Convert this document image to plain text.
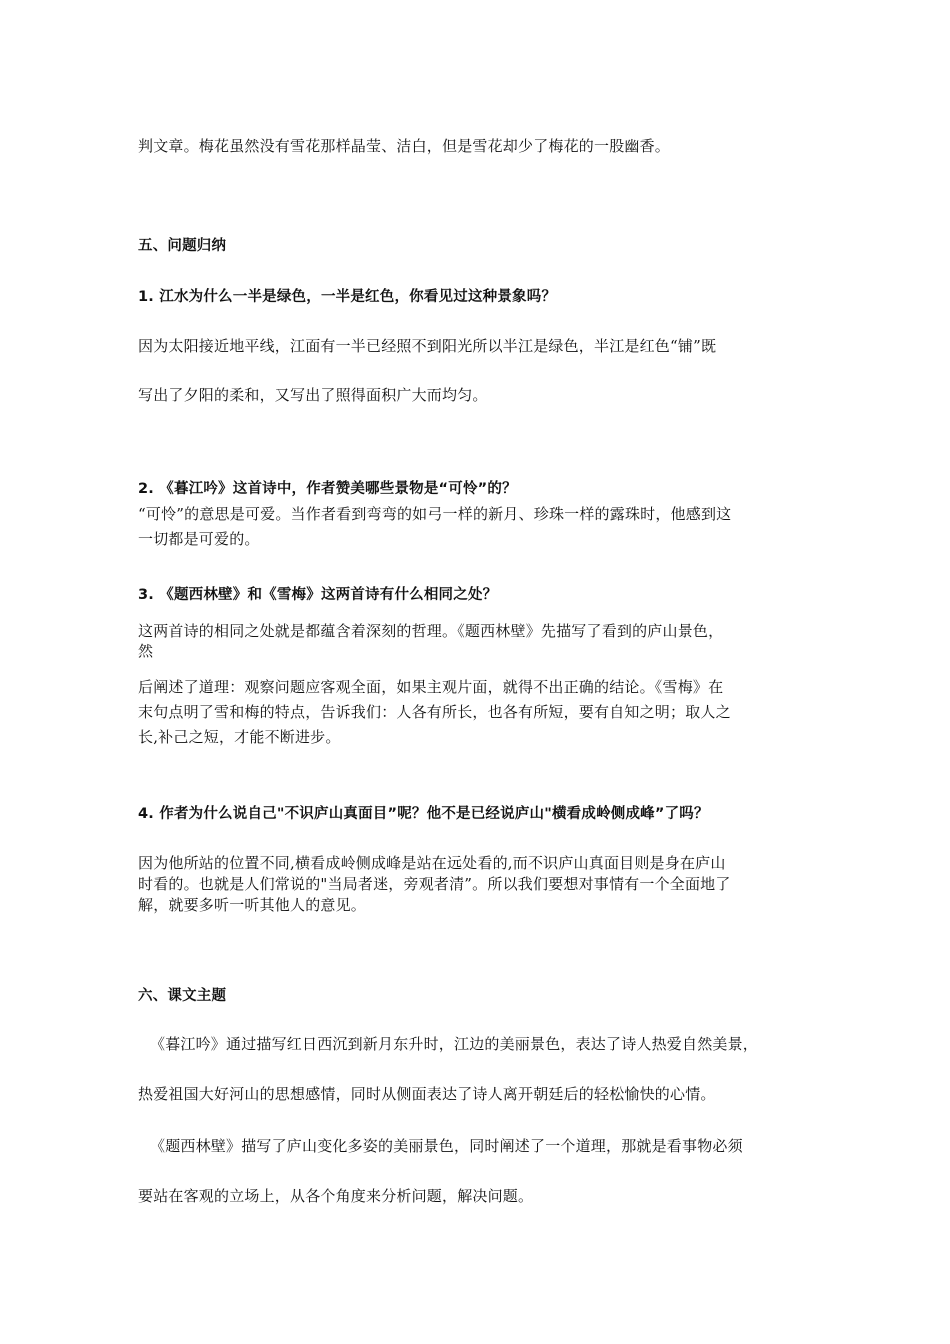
判文章。梅花虽然没有雪花那样晶莹、洁白，但是雪花却少了梅花的一股幽香。
五、问题归纳
1. 江水为什么一半是绿色，一半是红色，你看见过这种景象吗？
因为太阳接近地平线，江面有一半已经照不到阳光所以半江是绿色，半江是红色“铺”既
写出了夕阳的柔和，又写出了照得面积广大而均匀。
2. 《暮江吟》这首诗中，作者赞美哪些景物是“可怜”的？
“可怜”的意思是可爱。当作者看到弯弯的如弓一样的新月、珍珠一样的露珠时，他感到这
一切都是可爱的。
3. 《题西林壁》和《雪梅》这两首诗有什么相同之处？
这两首诗的相同之处就是都蕴含着深刻的哲理。《题西林壁》先描写了看到的庐山景色，
然
后阐述了道理：观察问题应客观全面，如果主观片面，就得不出正确的结论。《雪梅》在
末句点明了雪和梅的特点，告诉我们：人各有所长，也各有所短，要有自知之明；取人之
长,补己之短，才能不断进步。
4. 作者为什么说自己"不识庐山真面目”呢？他不是已经说庐山"横看成岭侧成峰”了吗？
因为他所站的位置不同,横看成岭侧成峰是站在远处看的,而不识庐山真面目则是身在庐山
时看的。也就是人们常说的"当局者迷，旁观者清”。所以我们要想对事情有一个全面地了
解，就要多听一听其他人的意见。
六、课文主题
《暮江吟》通过描写红日西沉到新月东升时，江边的美丽景色，表达了诗人热爱自然美景，
热爱祖国大好河山的思想感情，同时从侧面表达了诗人离开朝廷后的轻松愉快的心情。
《题西林壁》描写了庐山变化多姿的美丽景色，同时阐述了一个道理，那就是看事物必须
要站在客观的立场上，从各个角度来分析问题，解决问题。
